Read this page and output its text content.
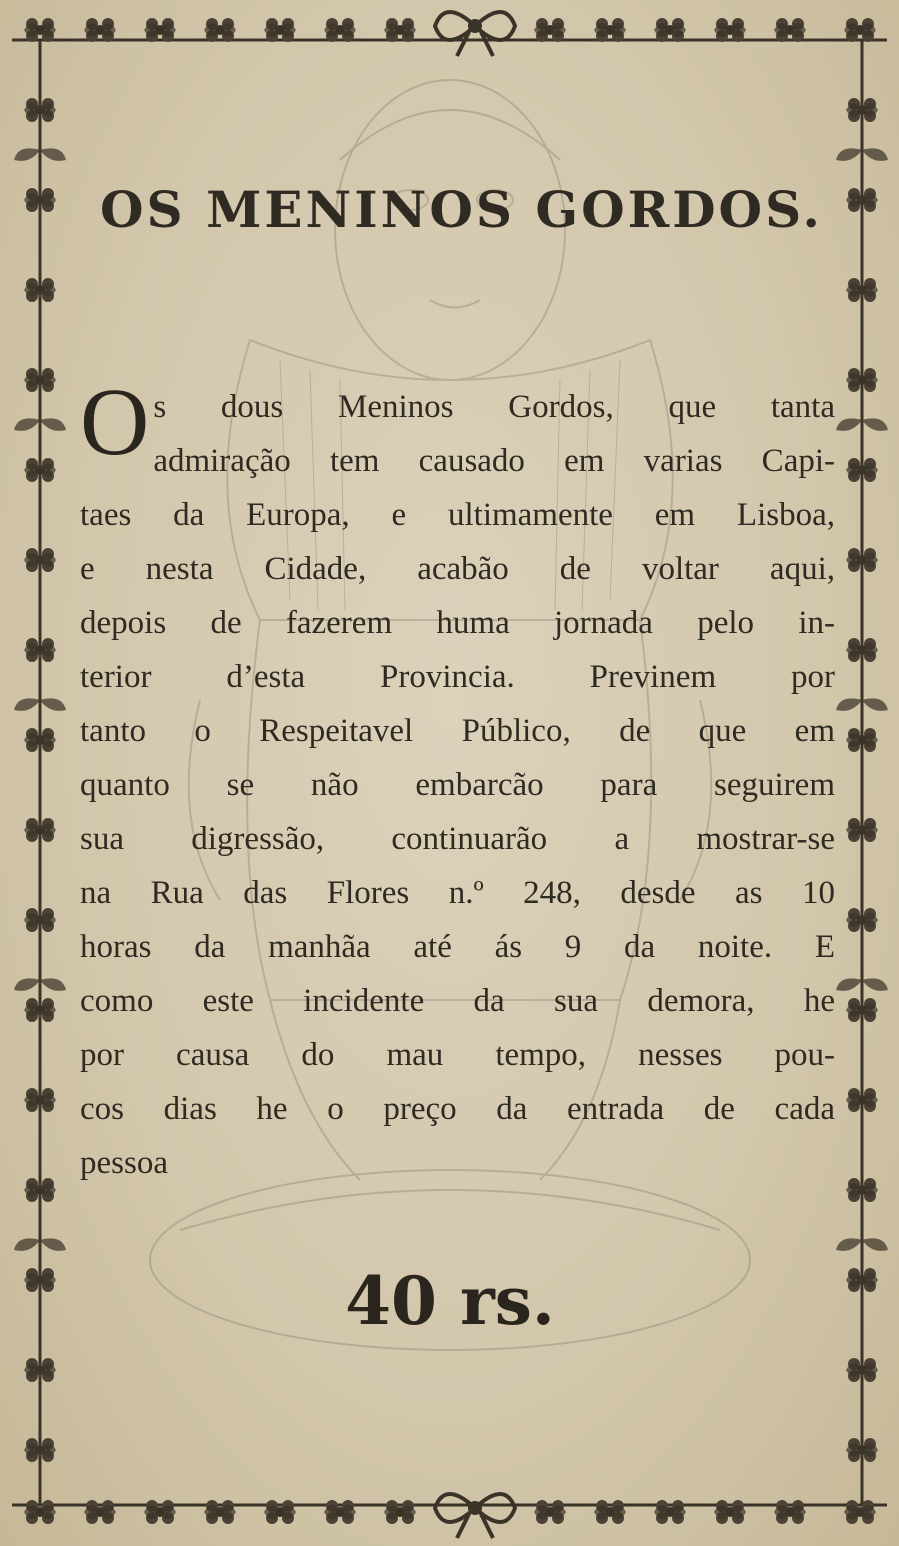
OS MENINOS GORDOS.
O s dous Meninos Gordos, que tanta
admiração tem causado em varias Capi-
taes da Europa, e ultimamente em Lisboa,
e nesta Cidade, acabão de voltar aqui,
depois de fazerem huma jornada pelo in-
terior d’esta Provincia. Previnem por
tanto o Respeitavel Público, de que em
quanto se não embarcão para seguirem
sua digressão, continuarão a mostrar-se
na Rua das Flores n.º 248, desde as 10
horas da manhãa até ás 9 da noite. E
como este incidente da sua demora, he
por causa do mau tempo, nesses pou-
cos dias he o preço da entrada de cada
pessoa
40 rs.
